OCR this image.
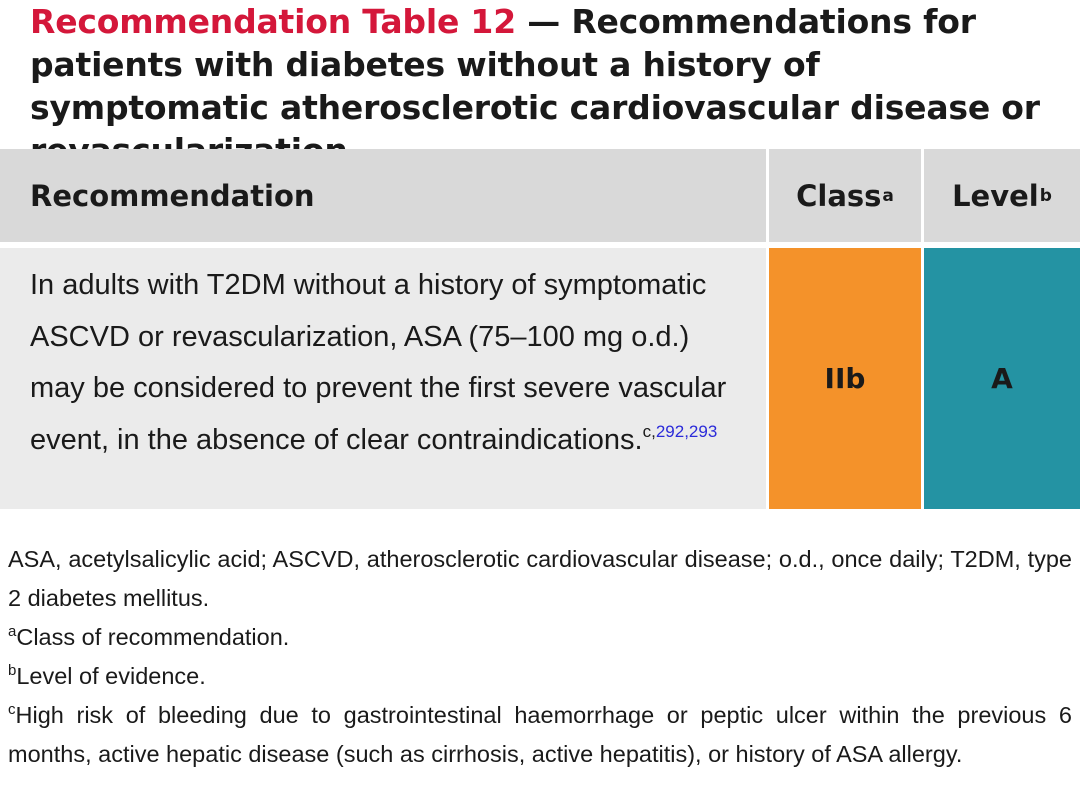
Recommendation Table 12 — Recommendations for patients with diabetes without a history of symptomatic atherosclerotic cardiovascular disease or
Recommendation	Class a Level b
In adults with T2DM without a history of symptomatic ASCVD or revascularization, ASA (75–100 mg o.d.) may be considered to prevent the first severe vascular event, in the absence of clear contraindications.$^{c,292,293}$
IIb	A

ASA, acetylsalicylic acid; ASCVD, atherosclerotic cardiovascular disease; o.d., once daily; T2DM, type 2 diabetes mellitus.

$^a$Class of recommendation.

$^b$Level of evidence.

$^c$High risk of bleeding due to gastrointestinal haemorrhage or peptic ulcer within the previous 6 months, active hepatic disease (such as cirrhosis, active hepatitis), or history of ASA allergy.
